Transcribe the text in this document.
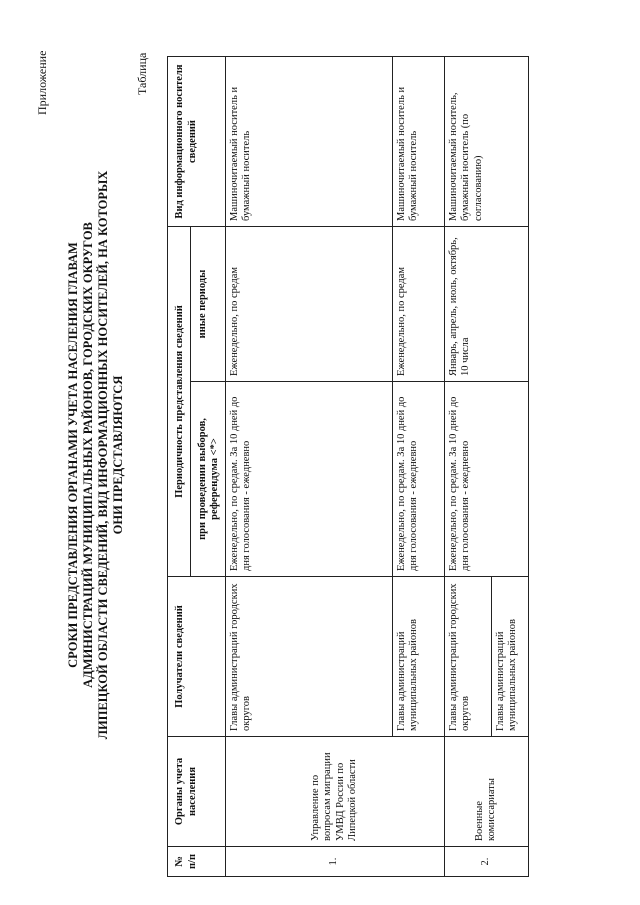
Приложение
СРОКИ ПРЕДСТАВЛЕНИЯ ОРГАНАМИ УЧЕТА НАСЕЛЕНИЯ ГЛАВАМ АДМИНИСТРАЦИЙ МУНИЦИПАЛЬНЫХ РАЙОНОВ, ГОРОДСКИХ ОКРУГОВ ЛИПЕЦКОЙ ОБЛАСТИ СВЕДЕНИЙ, ВИД ИНФОРМАЦИОННЫХ НОСИТЕЛЕЙ, НА КОТОРЫХ ОНИ ПРЕДСТАВЛЯЮТСЯ
Таблица
№ п/п	Органы учета населения	Получатели сведений	Периодичность представления сведений		Вид информационного носителя сведений
			при проведении выборов, референдума <*>	иные периоды	
1.	Управление по вопросам миграции УМВД России по Липецкой области	Главы администраций городских округов	Еженедельно, по средам. За 10 дней до дня голосования - ежедневно	Еженедельно, по средам	Машиночитаемый носитель и бумажный носитель
		Главы администраций муниципальных районов	Еженедельно, по средам. За 10 дней до дня голосования - ежедневно	Еженедельно, по средам	Машиночитаемый носитель и бумажный носитель
2.	Военные комиссариаты	Главы администраций городских округов	Еженедельно, по средам. За 10 дней до дня голосования - ежедневно	Январь, апрель, июль, октябрь, 10 числа	Машиночитаемый носитель, бумажный носитель (по согласованию)
		Главы администраций муниципальных районов			
